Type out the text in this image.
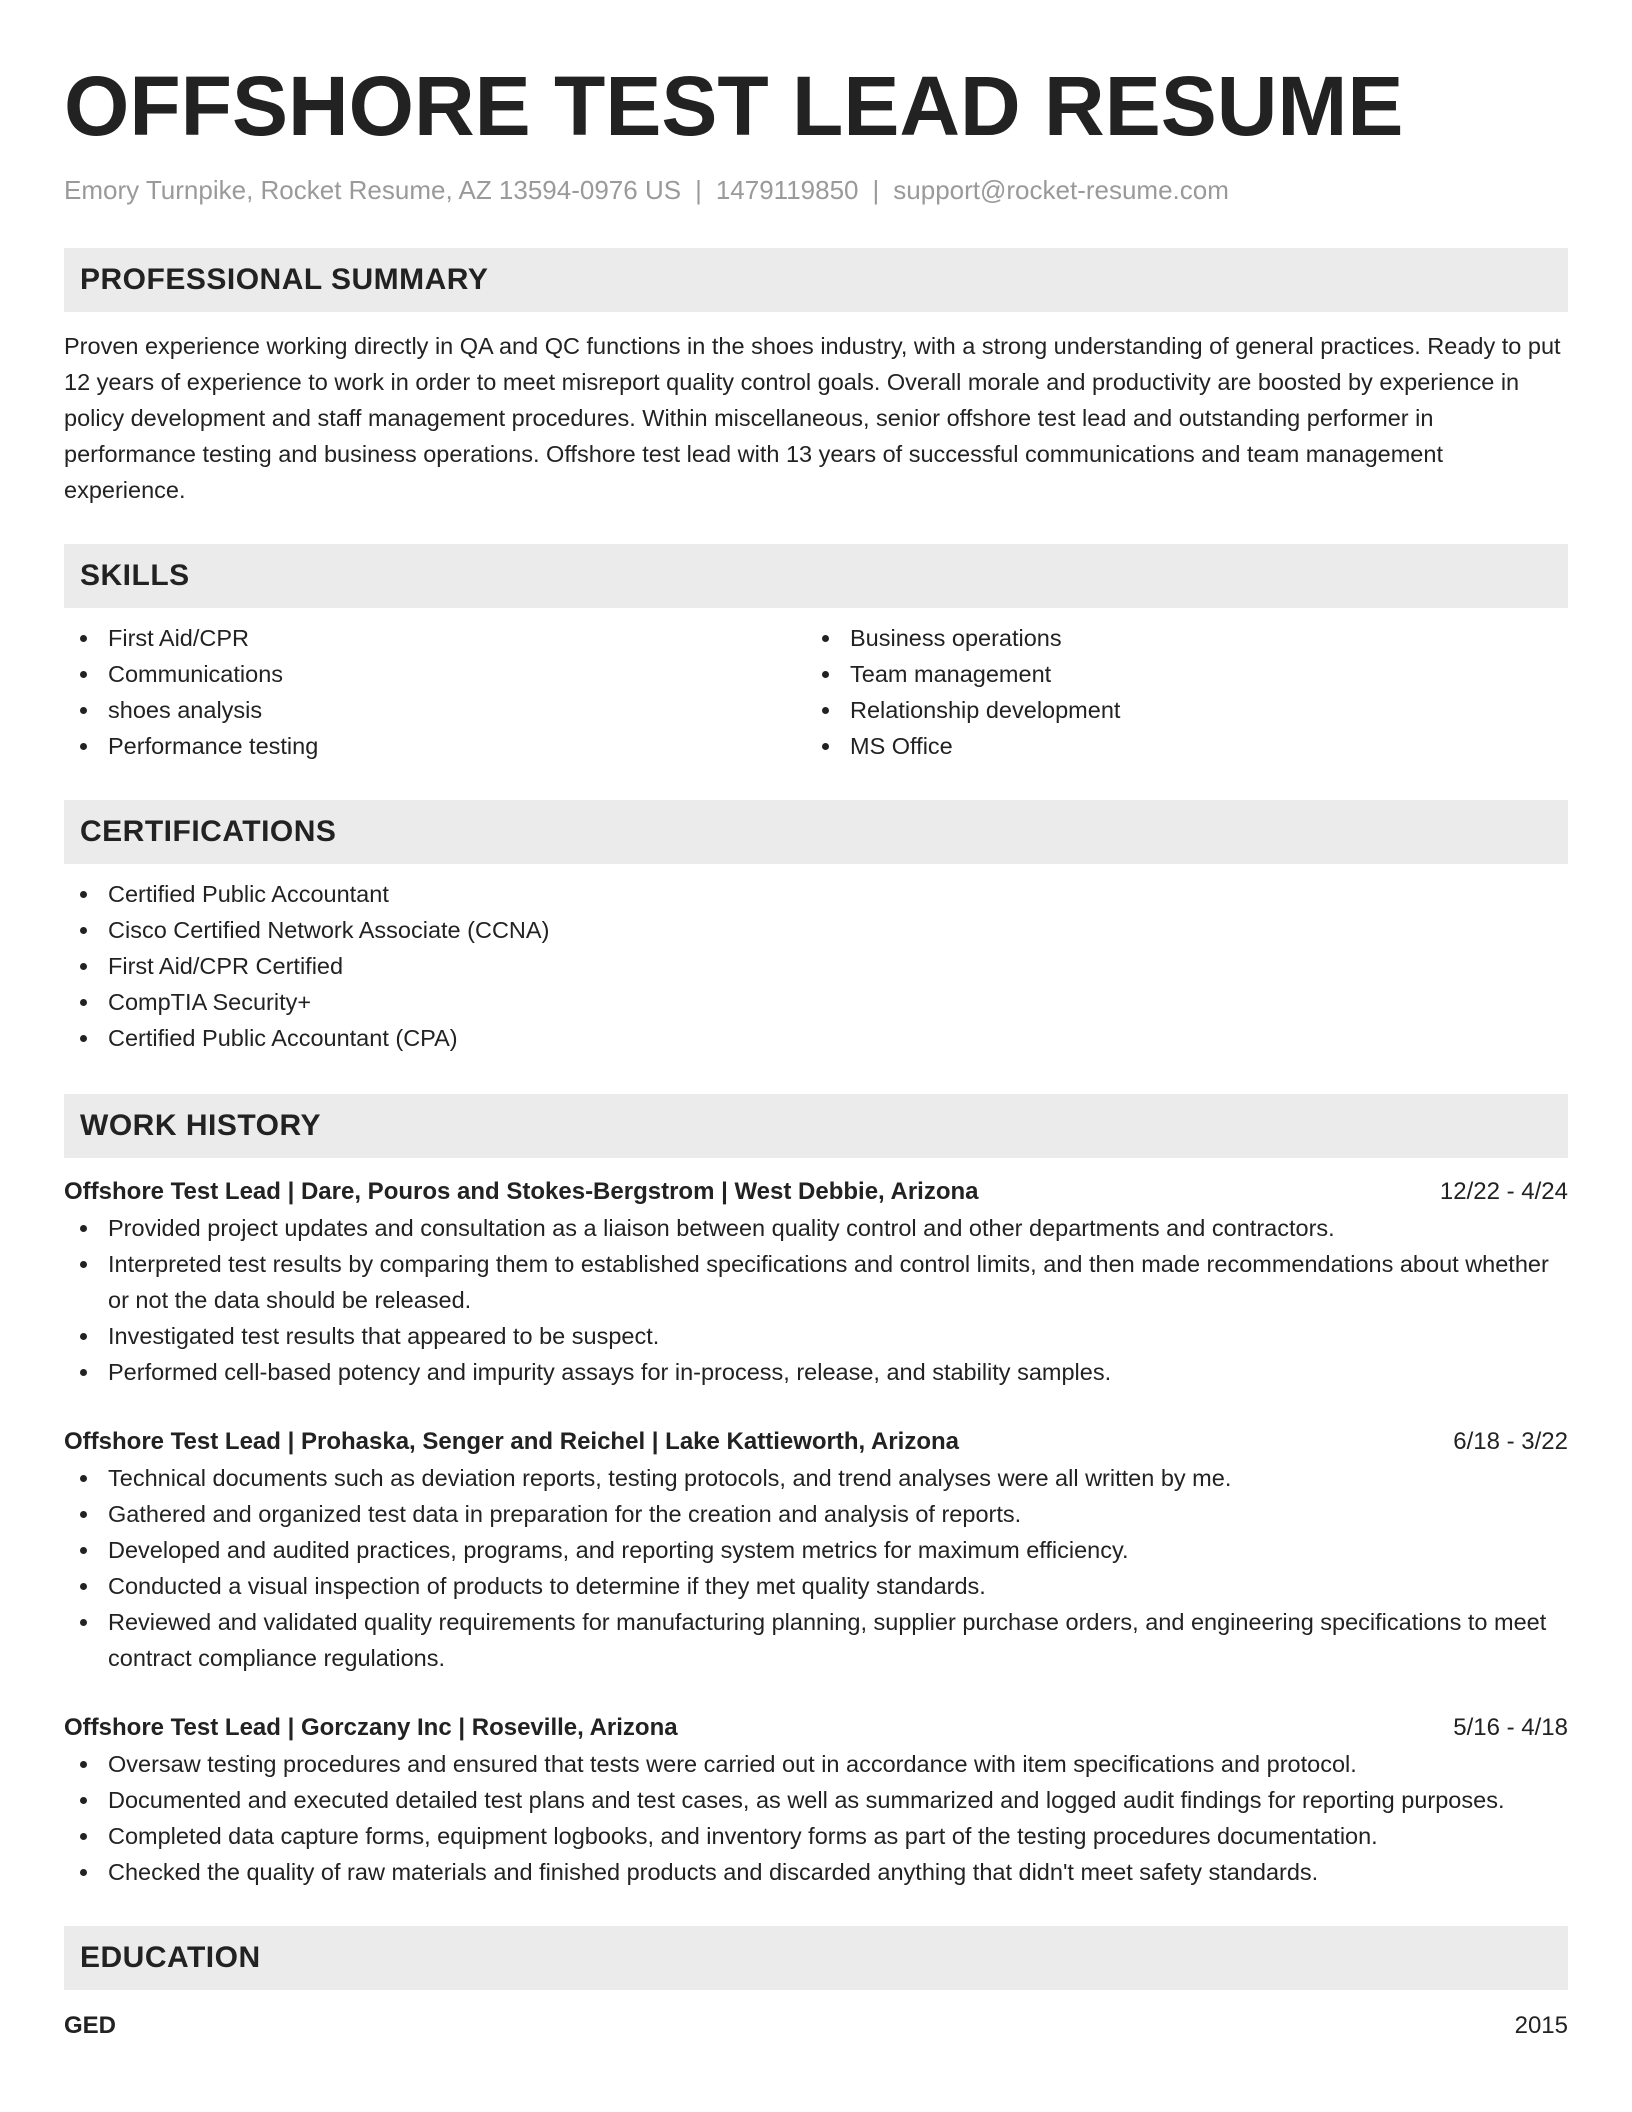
OFFSHORE TEST LEAD RESUME
Emory Turnpike, Rocket Resume, AZ 13594-0976 US | 1479119850 | support@rocket-resume.com
PROFESSIONAL SUMMARY

Proven experience working directly in QA and QC functions in the shoes industry, with a strong understanding of general practices. Ready to put 12 years of experience to work in order to meet misreport quality control goals. Overall morale and productivity are boosted by experience in policy development and staff management procedures. Within miscellaneous, senior offshore test lead and outstanding performer in performance testing and business operations. Offshore test lead with 13 years of successful communications and team management experience.

SKILLS
First Aid/CPR
Communications
shoes analysis
Performance testing
Business operations
Team management
Relationship development
MS Office
CERTIFICATIONS
Certified Public Accountant
Cisco Certified Network Associate (CCNA)
First Aid/CPR Certified
CompTIA Security+
Certified Public Accountant (CPA)
WORK HISTORY
Offshore Test Lead | Dare, Pouros and Stokes-Bergstrom | West Debbie, Arizona	12/22 - 4/24
Provided project updates and consultation as a liaison between quality control and other departments and contractors.
Interpreted test results by comparing them to established specifications and control limits, and then made recommendations about whether or not the data should be released.
Investigated test results that appeared to be suspect.
Performed cell-based potency and impurity assays for in-process, release, and stability samples.
Offshore Test Lead | Prohaska, Senger and Reichel | Lake Kattieworth, Arizona	6/18 - 3/22
Technical documents such as deviation reports, testing protocols, and trend analyses were all written by me.
Gathered and organized test data in preparation for the creation and analysis of reports.
Developed and audited practices, programs, and reporting system metrics for maximum efficiency.
Conducted a visual inspection of products to determine if they met quality standards.
Reviewed and validated quality requirements for manufacturing planning, supplier purchase orders, and engineering specifications to meet contract compliance regulations.
Offshore Test Lead | Gorczany Inc | Roseville, Arizona	5/16 - 4/18
Oversaw testing procedures and ensured that tests were carried out in accordance with item specifications and protocol.
Documented and executed detailed test plans and test cases, as well as summarized and logged audit findings for reporting purposes.
Completed data capture forms, equipment logbooks, and inventory forms as part of the testing procedures documentation.
Checked the quality of raw materials and finished products and discarded anything that didn't meet safety standards.
EDUCATION
GED	2015
